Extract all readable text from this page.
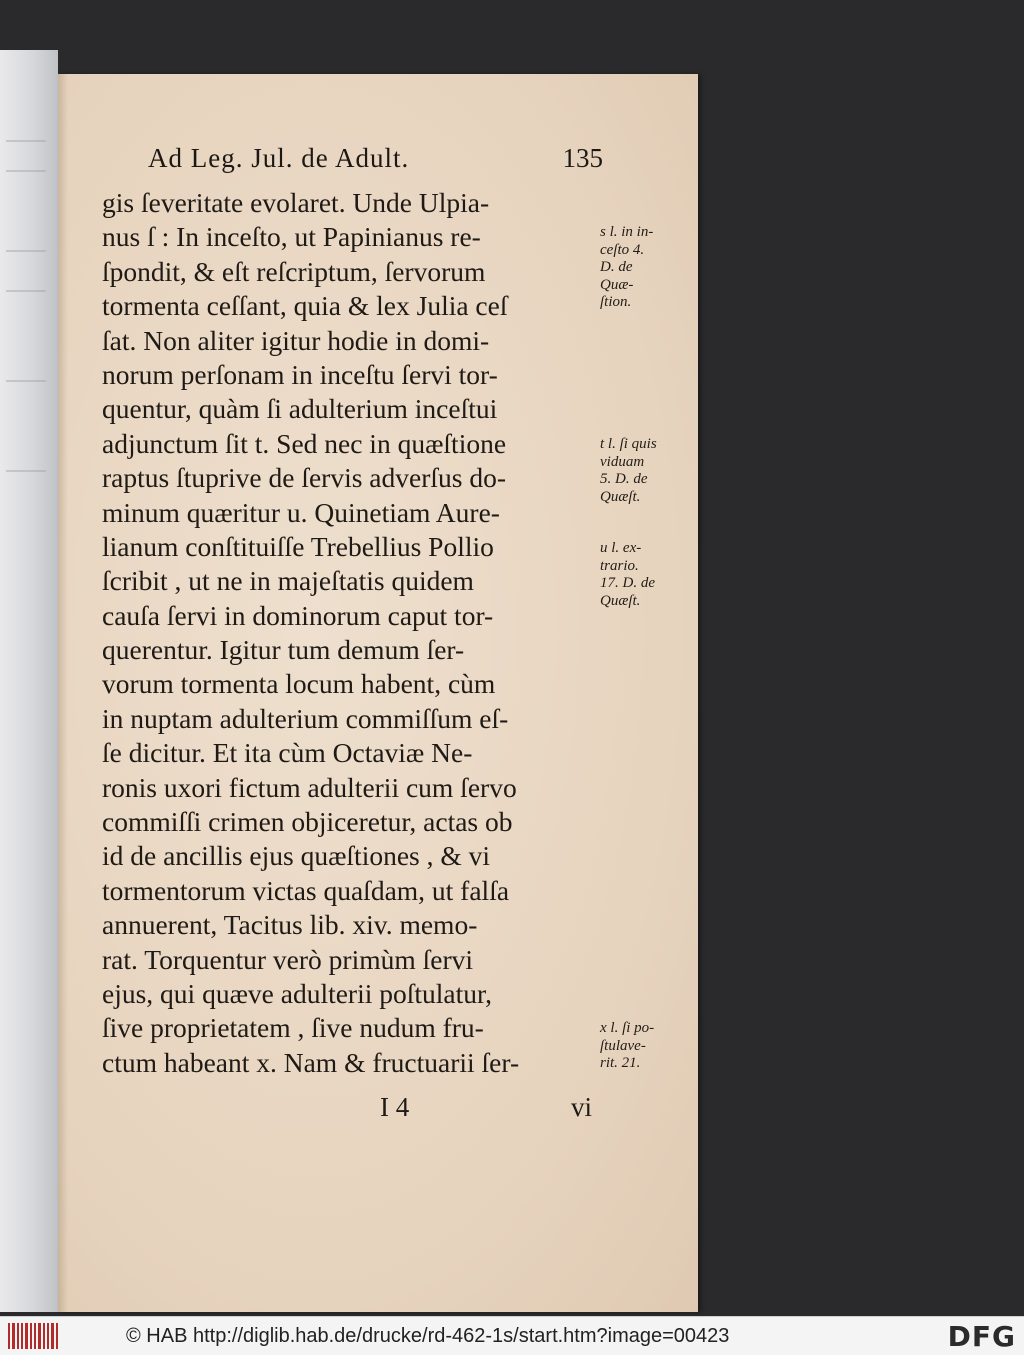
Ad Leg. Jul. de Adult.	135
gis ſeveritate evolaret. Unde Ulpia-
nus ſ : In inceſto, ut Papinianus re-
ſpondit, & eſt reſcriptum, ſervorum
tormenta ceſſant, quia & lex Julia ceſ
ſat. Non aliter igitur hodie in domi-
norum perſonam in inceſtu ſervi tor-
quentur, quàm ſi adulterium inceſtui
adjunctum ſit t. Sed nec in quæſtione
raptus ſtuprive de ſervis adverſus do-
minum quæritur u. Quinetiam Aure-
lianum conſtituiſſe Trebellius Pollio
ſcribit , ut ne in majeſtatis quidem
cauſa ſervi in dominorum caput tor-
querentur. Igitur tum demum ſer-
vorum tormenta locum habent, cùm
in nuptam adulterium commiſſum eſ-
ſe dicitur. Et ita cùm Octaviæ Ne-
ronis uxori fictum adulterii cum ſervo
commiſſi crimen objiceretur, actas ob
id de ancillis ejus quæſtiones , & vi
tormentorum victas quaſdam, ut falſa
annuerent, Tacitus lib. xiv. memo-
rat. Torquentur verò primùm ſervi
ejus, qui quæve adulterii poſtulatur,
ſive proprietatem , ſive nudum fru-
ctum habeant x. Nam & fructuarii ſer-
s l. in in-
ceſto 4.
D. de
Quæ-
ſtion.
t l. ſi quis
viduam
5. D. de
Quæſt.
u l. ex-
trario.
17. D. de
Quæſt.
x l. ſi po-
ſtulave-
rit. 21.
I 4	vi
© HAB http://diglib.hab.de/drucke/rd-462-1s/start.htm?image=00423	DFG
